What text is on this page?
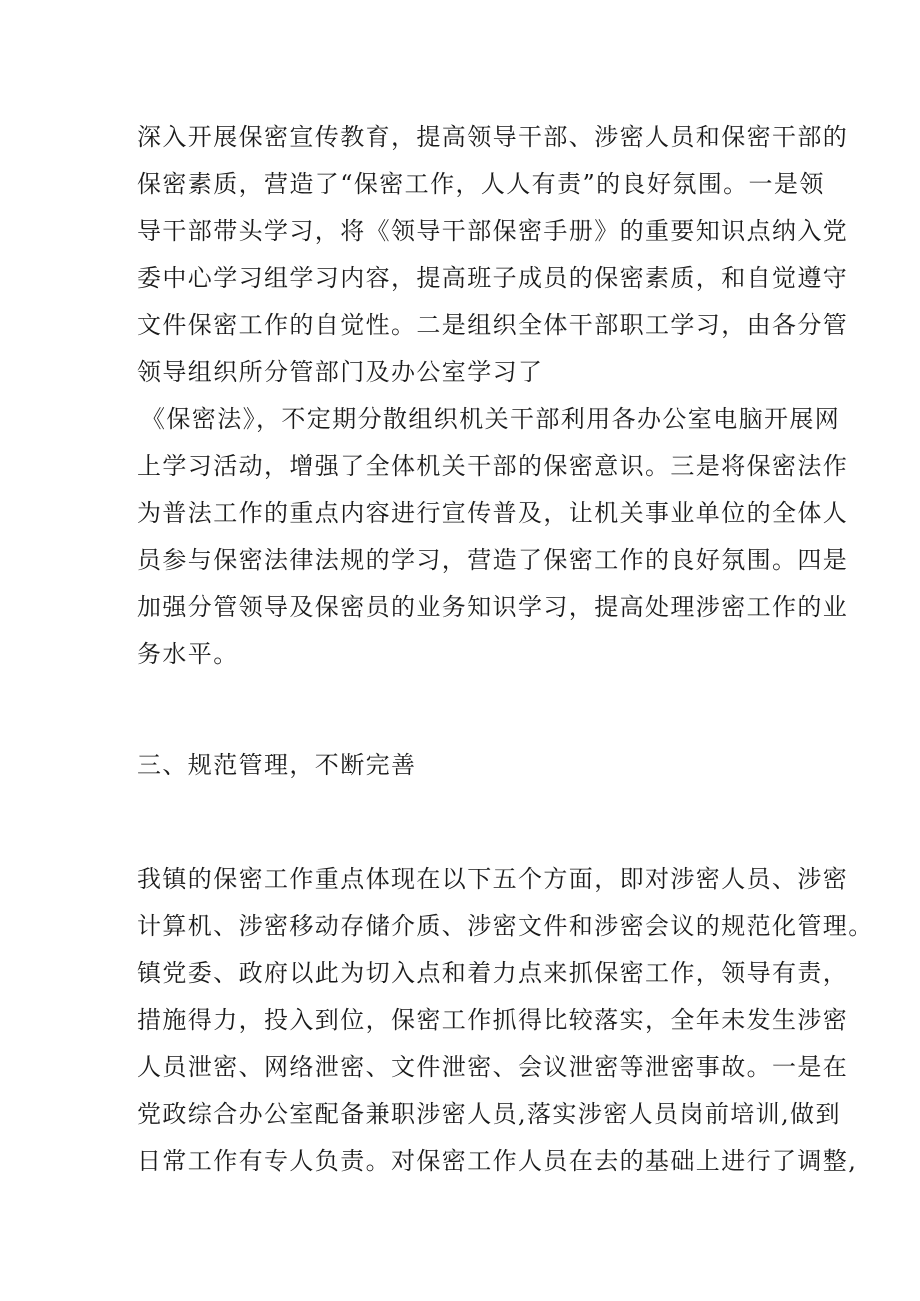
深入开展保密宣传教育，提高领导干部、涉密人员和保密干部的
保密素质，营造了“保密工作，人人有责”的良好氛围。一是领
导干部带头学习，将《领导干部保密手册》的重要知识点纳入党
委中心学习组学习内容，提高班子成员的保密素质，和自觉遵守
文件保密工作的自觉性。二是组织全体干部职工学习，由各分管
领导组织所分管部门及办公室学习了
《保密法》，不定期分散组织机关干部利用各办公室电脑开展网
上学习活动，增强了全体机关干部的保密意识。三是将保密法作
为普法工作的重点内容进行宣传普及，让机关事业单位的全体人
员参与保密法律法规的学习，营造了保密工作的良好氛围。四是
加强分管领导及保密员的业务知识学习，提高处理涉密工作的业
务水平。
三、规范管理，不断完善
我镇的保密工作重点体现在以下五个方面，即对涉密人员、涉密
计算机、涉密移动存储介质、涉密文件和涉密会议的规范化管理。
镇党委、政府以此为切入点和着力点来抓保密工作，领导有责，
措施得力，投入到位，保密工作抓得比较落实，全年未发生涉密
人员泄密、网络泄密、文件泄密、会议泄密等泄密事故。一是在
党政综合办公室配备兼职涉密人员,落实涉密人员岗前培训,做到
日常工作有专人负责。对保密工作人员在去的基础上进行了调整,
